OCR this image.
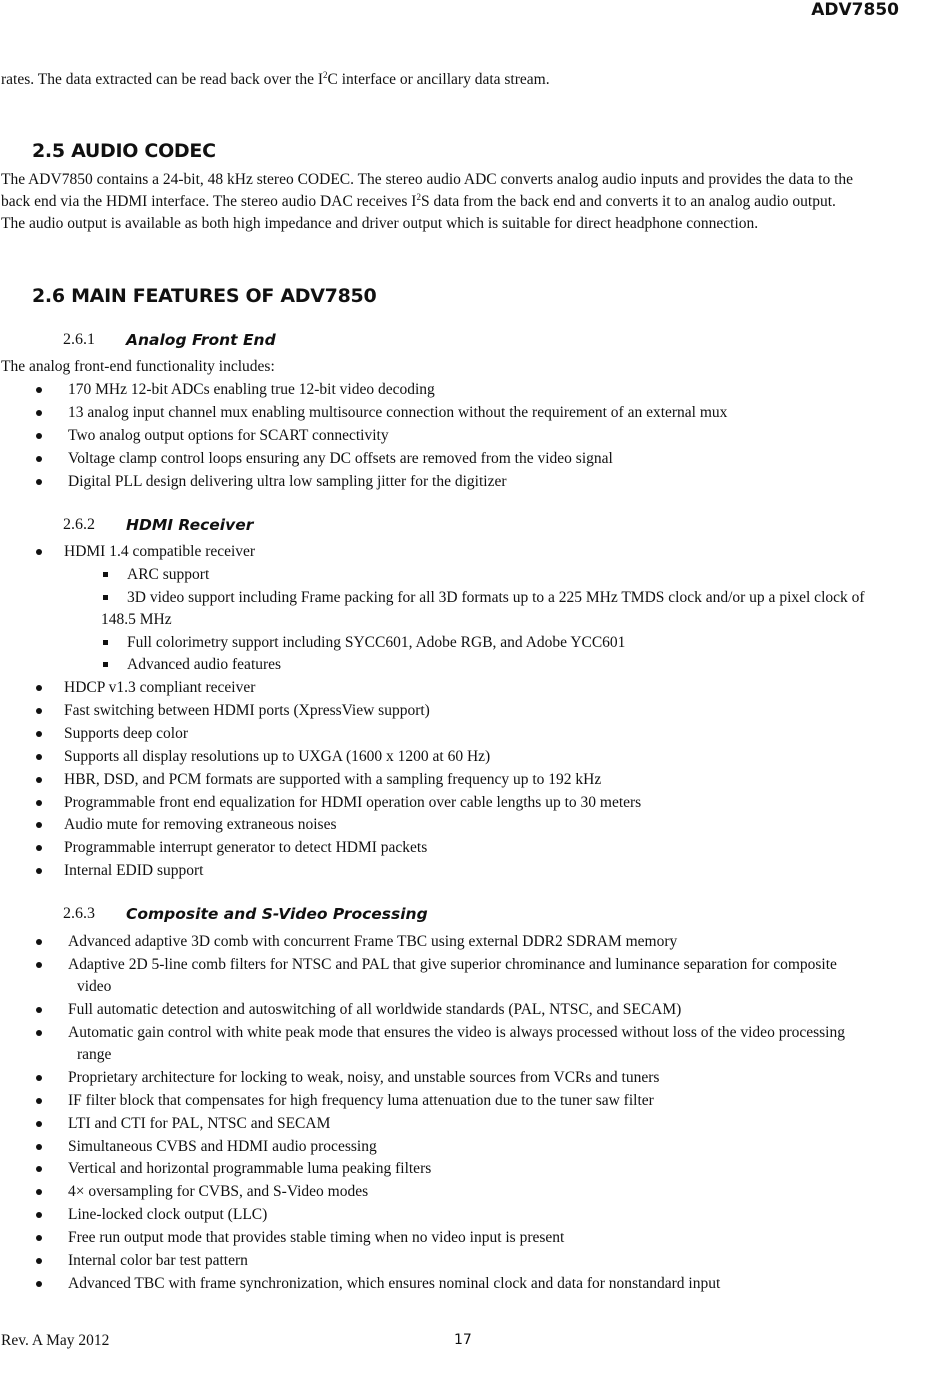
ADV7850
rates. The data extracted can be read back over the $I^2C$ interface or ancillary data stream.
2.5 AUDIO CODEC
The ADV7850 contains a 24-bit, 48 kHz stereo CODEC. The stereo audio ADC converts analog audio inputs and provides the data to the
back end via the HDMI interface. The stereo audio DAC receives $I^2S$ data from the back end and converts it to an analog audio output.
The audio output is available as both high impedance and driver output which is suitable for direct headphone connection.
2.6 MAIN FEATURES OF ADV7850
2.6.1 Analog Front End
The analog front-end functionality includes:
170 MHz 12-bit ADCs enabling true 12-bit video decoding
13 analog input channel mux enabling multisource connection without the requirement of an external mux
Two analog output options for SCART connectivity
Voltage clamp control loops ensuring any DC offsets are removed from the video signal
Digital PLL design delivering ultra low sampling jitter for the digitizer
2.6.2 HDMI Receiver
HDMI 1.4 compatible receiver
ARC support
3D video support including Frame packing for all 3D formats up to a 225 MHz TMDS clock and/or up a pixel clock of
148.5 MHz
Full colorimetry support including SYCC601, Adobe RGB, and Adobe YCC601
Advanced audio features
HDCP v1.3 compliant receiver
Fast switching between HDMI ports (XpressView support)
Supports deep color
Supports all display resolutions up to UXGA (1600 x 1200 at 60 Hz)
HBR, DSD, and PCM formats are supported with a sampling frequency up to 192 kHz
Programmable front end equalization for HDMI operation over cable lengths up to 30 meters
Audio mute for removing extraneous noises
Programmable interrupt generator to detect HDMI packets
Internal EDID support
2.6.3 Composite and S-Video Processing
Advanced adaptive 3D comb with concurrent Frame TBC using external DDR2 SDRAM memory
Adaptive 2D 5-line comb filters for NTSC and PAL that give superior chrominance and luminance separation for composite
video
Full automatic detection and autoswitching of all worldwide standards (PAL, NTSC, and SECAM)
Automatic gain control with white peak mode that ensures the video is always processed without loss of the video processing
range
Proprietary architecture for locking to weak, noisy, and unstable sources from VCRs and tuners
IF filter block that compensates for high frequency luma attenuation due to the tuner saw filter
LTI and CTI for PAL, NTSC and SECAM
Simultaneous CVBS and HDMI audio processing
Vertical and horizontal programmable luma peaking filters
4× oversampling for CVBS, and S-Video modes
Line-locked clock output (LLC)
Free run output mode that provides stable timing when no video input is present
Internal color bar test pattern
Advanced TBC with frame synchronization, which ensures nominal clock and data for nonstandard input
Rev. A May 2012	17
